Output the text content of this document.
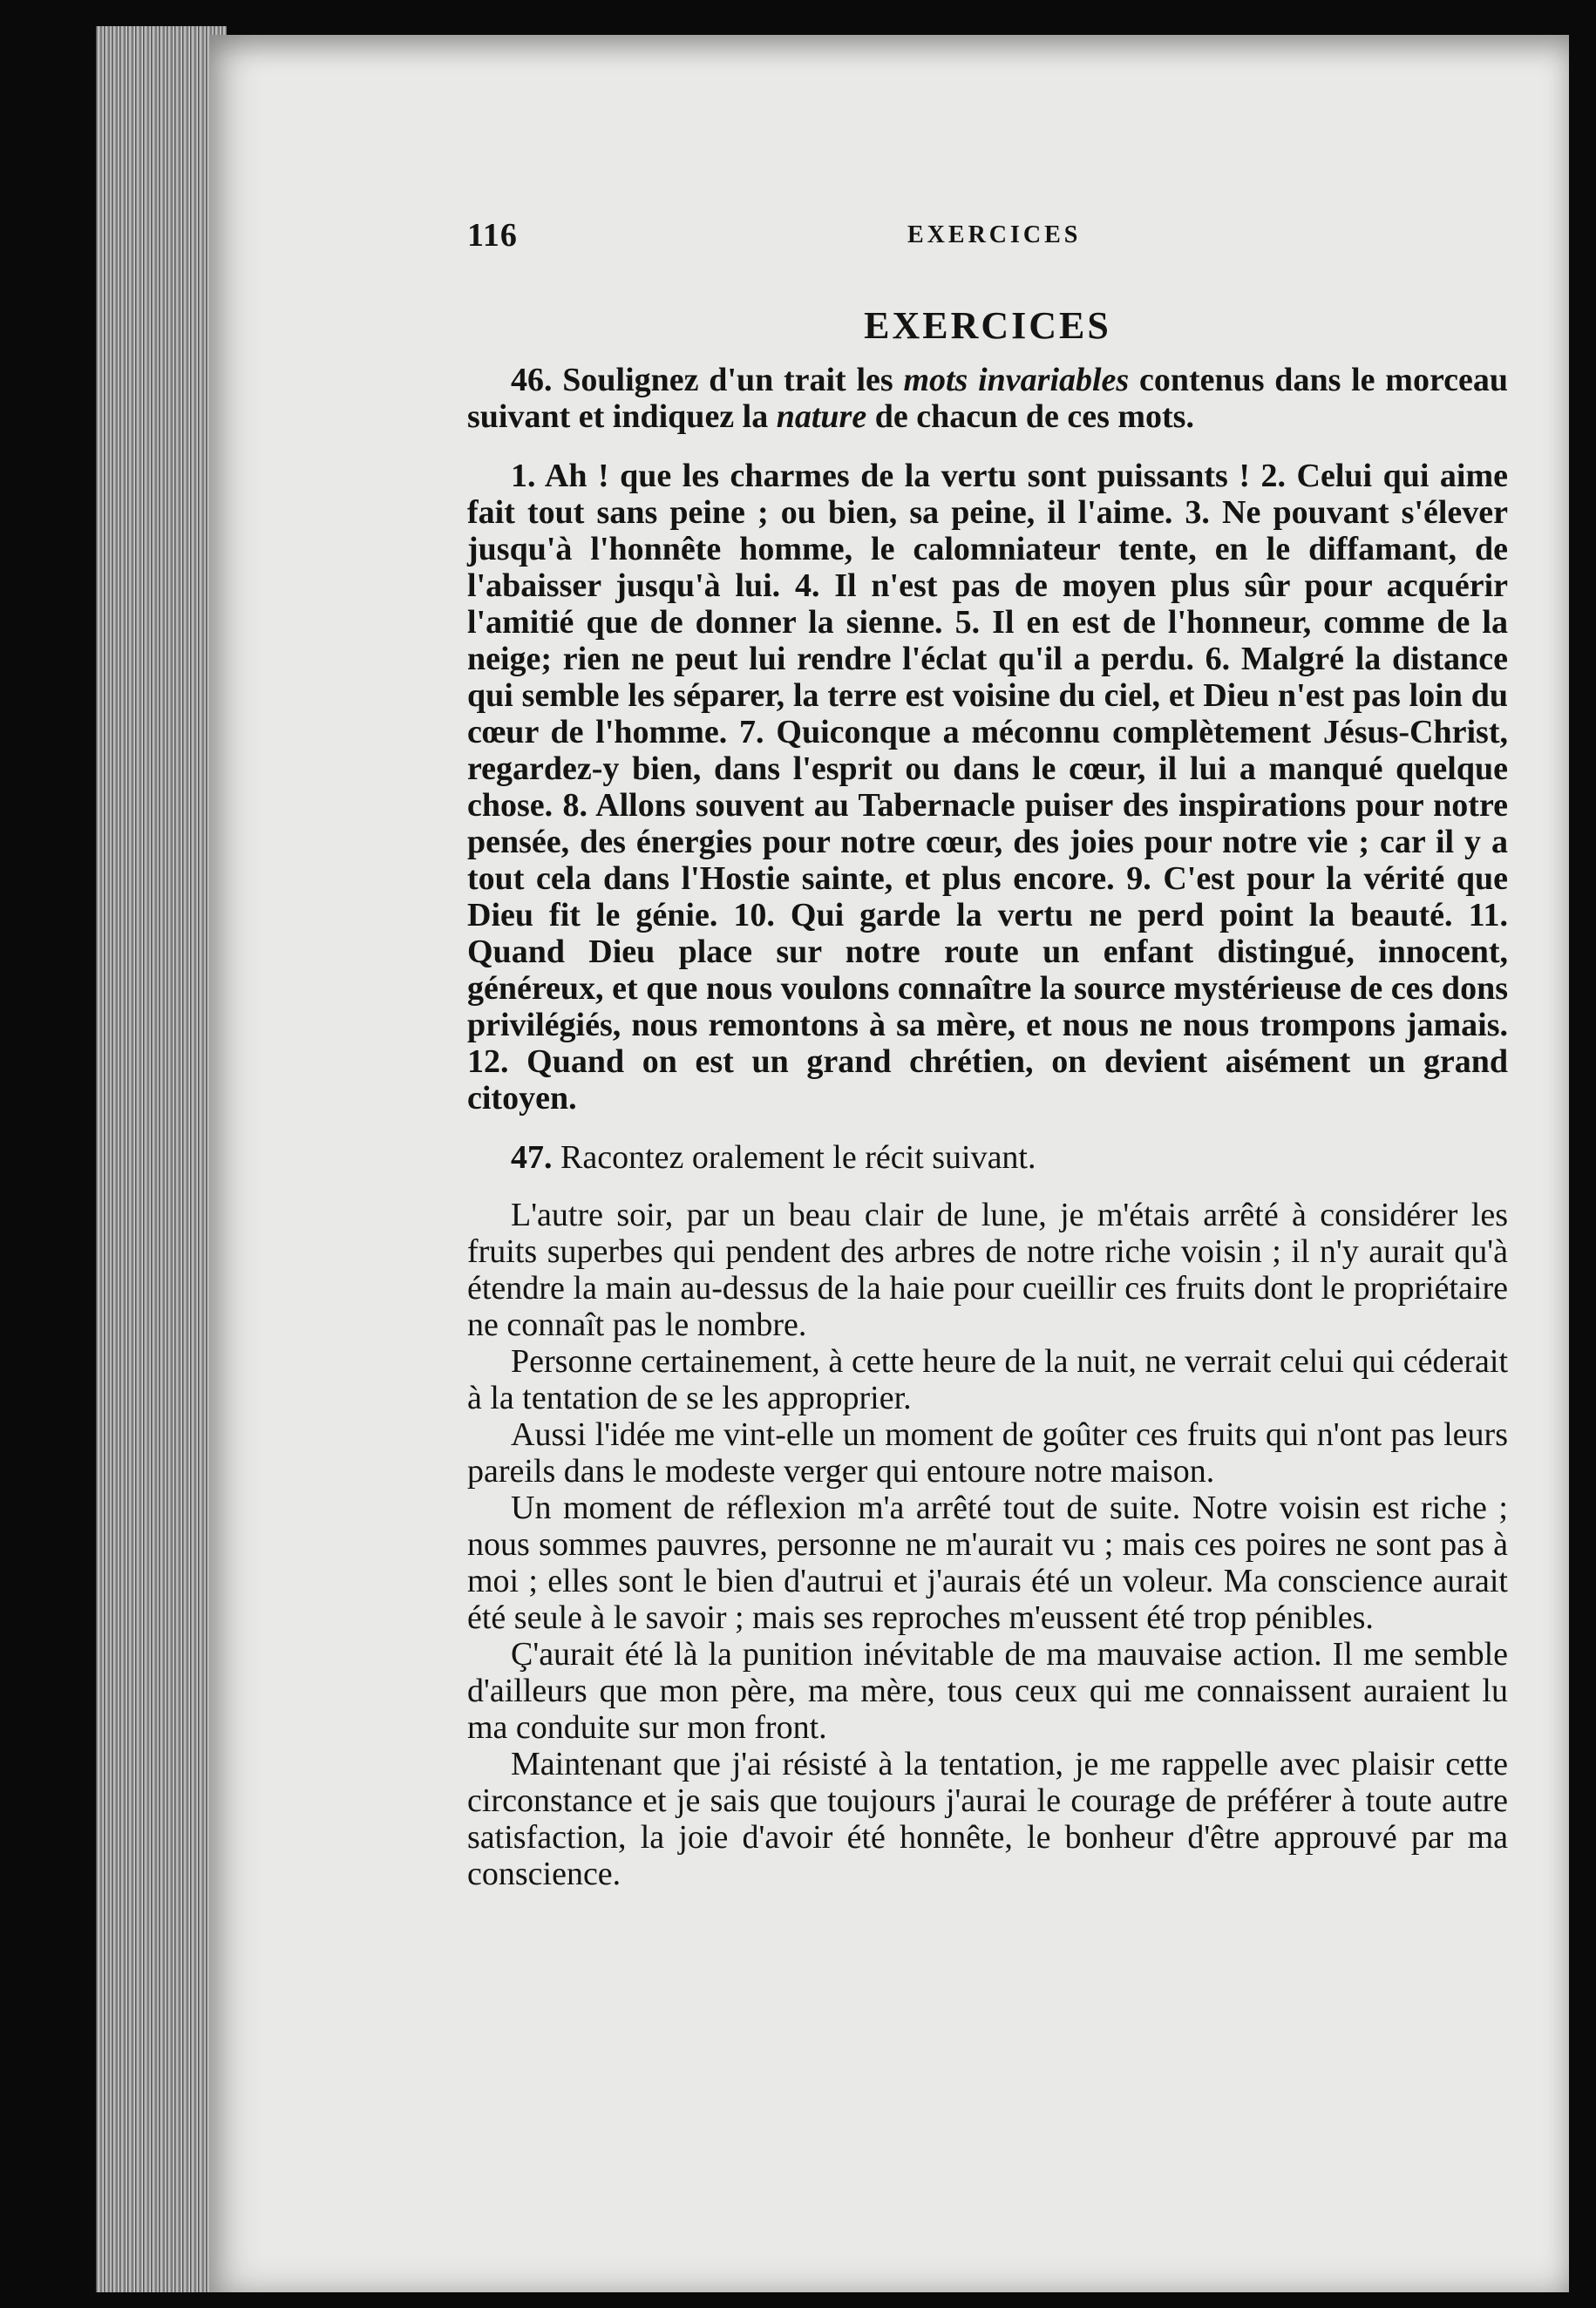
116	EXERCICES
EXERCICES

46. Soulignez d'un trait les mots invariables contenus dans le morceau suivant et indiquez la nature de chacun de ces mots.

1. Ah ! que les charmes de la vertu sont puissants ! 2. Celui qui aime fait tout sans peine ; ou bien, sa peine, il l'aime. 3. Ne pouvant s'élever jusqu'à l'honnête homme, le calomniateur tente, en le diffamant, de l'abaisser jusqu'à lui. 4. Il n'est pas de moyen plus sûr pour acquérir l'amitié que de donner la sienne. 5. Il en est de l'honneur, comme de la neige; rien ne peut lui rendre l'éclat qu'il a perdu. 6. Malgré la distance qui semble les séparer, la terre est voisine du ciel, et Dieu n'est pas loin du cœur de l'homme. 7. Quiconque a méconnu complètement Jésus-Christ, regardez-y bien, dans l'esprit ou dans le cœur, il lui a manqué quelque chose. 8. Allons souvent au Tabernacle puiser des inspirations pour notre pensée, des énergies pour notre cœur, des joies pour notre vie ; car il y a tout cela dans l'Hostie sainte, et plus encore. 9. C'est pour la vérité que Dieu fit le génie. 10. Qui garde la vertu ne perd point la beauté. 11. Quand Dieu place sur notre route un enfant distingué, innocent, généreux, et que nous voulons connaître la source mystérieuse de ces dons privilégiés, nous remontons à sa mère, et nous ne nous trompons jamais. 12. Quand on est un grand chrétien, on devient aisément un grand citoyen.

47. Racontez oralement le récit suivant.

L'autre soir, par un beau clair de lune, je m'étais arrêté à considérer les fruits superbes qui pendent des arbres de notre riche voisin ; il n'y aurait qu'à étendre la main au-dessus de la haie pour cueillir ces fruits dont le propriétaire ne connaît pas le nombre.

Personne certainement, à cette heure de la nuit, ne verrait celui qui céderait à la tentation de se les approprier.

Aussi l'idée me vint-elle un moment de goûter ces fruits qui n'ont pas leurs pareils dans le modeste verger qui entoure notre maison.

Un moment de réflexion m'a arrêté tout de suite. Notre voisin est riche ; nous sommes pauvres, personne ne m'aurait vu ; mais ces poires ne sont pas à moi ; elles sont le bien d'autrui et j'aurais été un voleur. Ma conscience aurait été seule à le savoir ; mais ses reproches m'eussent été trop pénibles.

Ç'aurait été là la punition inévitable de ma mauvaise action. Il me semble d'ailleurs que mon père, ma mère, tous ceux qui me connaissent auraient lu ma conduite sur mon front.

Maintenant que j'ai résisté à la tentation, je me rappelle avec plaisir cette circonstance et je sais que toujours j'aurai le courage de préférer à toute autre satisfaction, la joie d'avoir été honnête, le bonheur d'être approuvé par ma conscience.
